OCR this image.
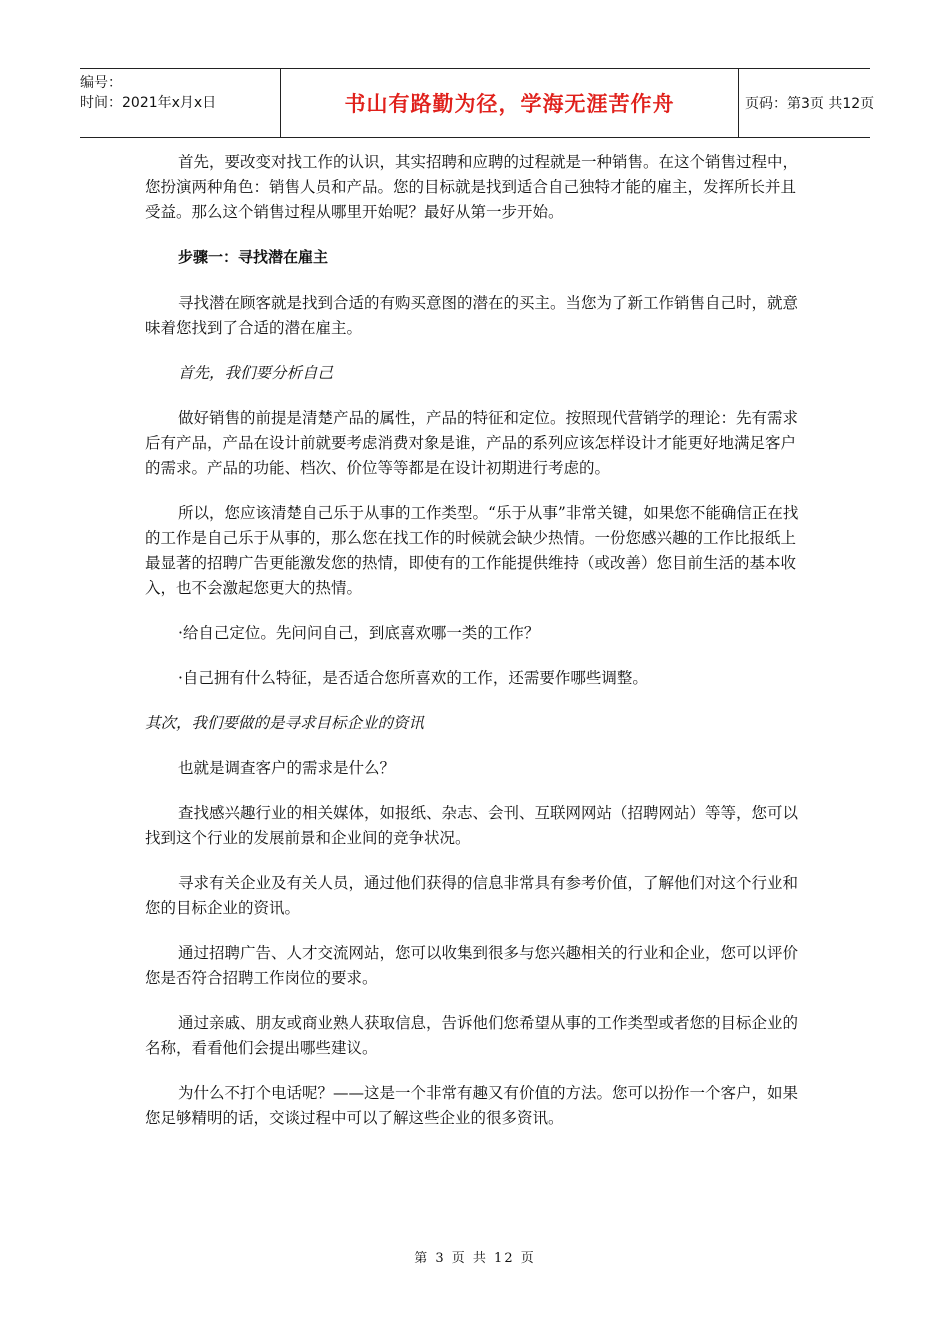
编号：
时间：2021年x月x日	书山有路勤为径，学海无涯苦作舟	页码：第3页 共12页

首先，要改变对找工作的认识，其实招聘和应聘的过程就是一种销售。在这个销售过程中，您扮演两种角色：销售人员和产品。您的目标就是找到适合自己独特才能的雇主，发挥所长并且受益。那么这个销售过程从哪里开始呢？最好从第一步开始。

步骤一：寻找潜在雇主

寻找潜在顾客就是找到合适的有购买意图的潜在的买主。当您为了新工作销售自己时，就意味着您找到了合适的潜在雇主。

首先，我们要分析自己

做好销售的前提是清楚产品的属性，产品的特征和定位。按照现代营销学的理论：先有需求后有产品，产品在设计前就要考虑消费对象是谁，产品的系列应该怎样设计才能更好地满足客户的需求。产品的功能、档次、价位等等都是在设计初期进行考虑的。

所以，您应该清楚自己乐于从事的工作类型。“乐于从事”非常关键，如果您不能确信正在找的工作是自己乐于从事的，那么您在找工作的时候就会缺少热情。一份您感兴趣的工作比报纸上最显著的招聘广告更能激发您的热情，即使有的工作能提供维持（或改善）您目前生活的基本收入，也不会激起您更大的热情。

·给自己定位。先问问自己，到底喜欢哪一类的工作？

·自己拥有什么特征，是否适合您所喜欢的工作，还需要作哪些调整。

其次，我们要做的是寻求目标企业的资讯

也就是调查客户的需求是什么？

查找感兴趣行业的相关媒体，如报纸、杂志、会刊、互联网网站（招聘网站）等等，您可以找到这个行业的发展前景和企业间的竞争状况。

寻求有关企业及有关人员，通过他们获得的信息非常具有参考价值，了解他们对这个行业和您的目标企业的资讯。

通过招聘广告、人才交流网站，您可以收集到很多与您兴趣相关的行业和企业，您可以评价您是否符合招聘工作岗位的要求。

通过亲戚、朋友或商业熟人获取信息，告诉他们您希望从事的工作类型或者您的目标企业的名称，看看他们会提出哪些建议。

为什么不打个电话呢？——这是一个非常有趣又有价值的方法。您可以扮作一个客户，如果您足够精明的话，交谈过程中可以了解这些企业的很多资讯。

第 3 页 共 12 页
